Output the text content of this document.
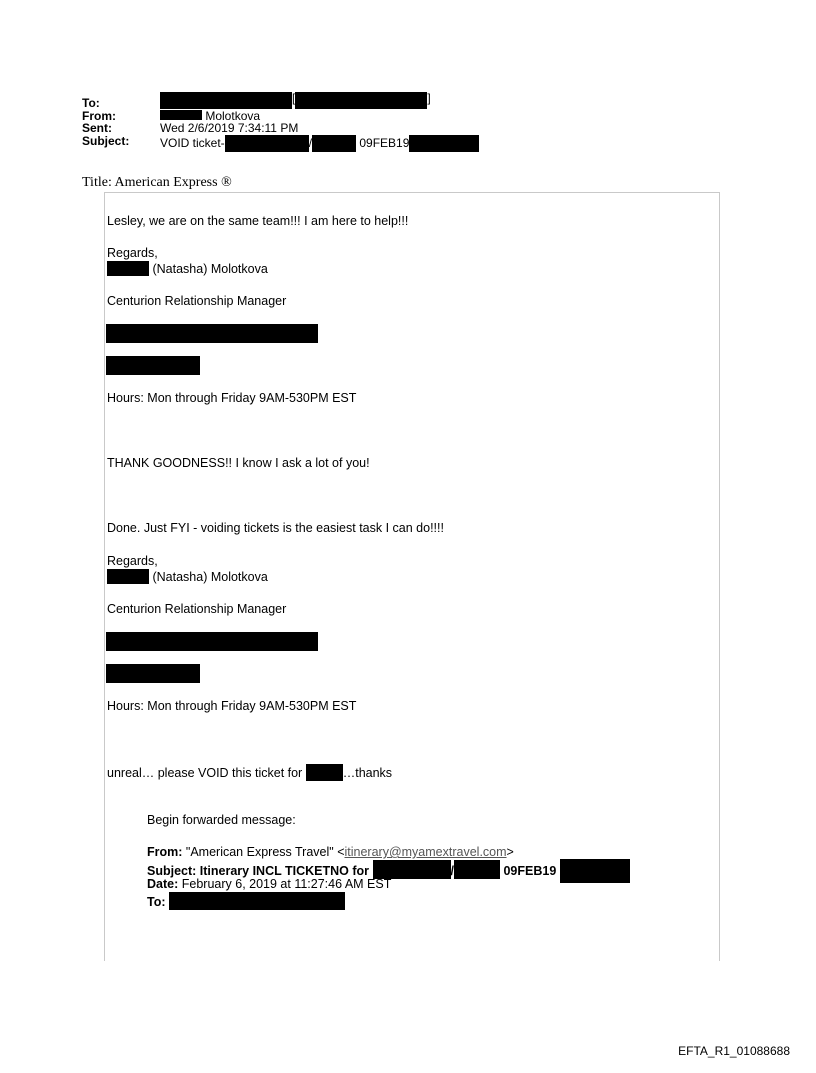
To:	[	]
From:	Molotkova
Sent:	Wed 2/6/2019 7:34:11 PM
Subject:	VOID ticket-	/	09FEB19
Title: American Express ®
Lesley, we are on the same team!!! I am here to help!!!
Regards,
(Natasha) Molotkova
Centurion Relationship Manager
Hours: Mon through Friday 9AM-530PM EST
THANK GOODNESS!! I know I ask a lot of you!
Done. Just FYI - voiding tickets is the easiest task I can do!!!!
Regards,
(Natasha) Molotkova
Centurion Relationship Manager
Hours: Mon through Friday 9AM-530PM EST
unreal… please VOID this ticket for	…thanks
Begin forwarded message:
From: "American Express Travel" <itinerary@myamextravel.com>
Subject: Itinerary INCL TICKETNO for	/	09FEB19
Date: February 6, 2019 at 11:27:46 AM EST
To:
EFTA_R1_01088688
